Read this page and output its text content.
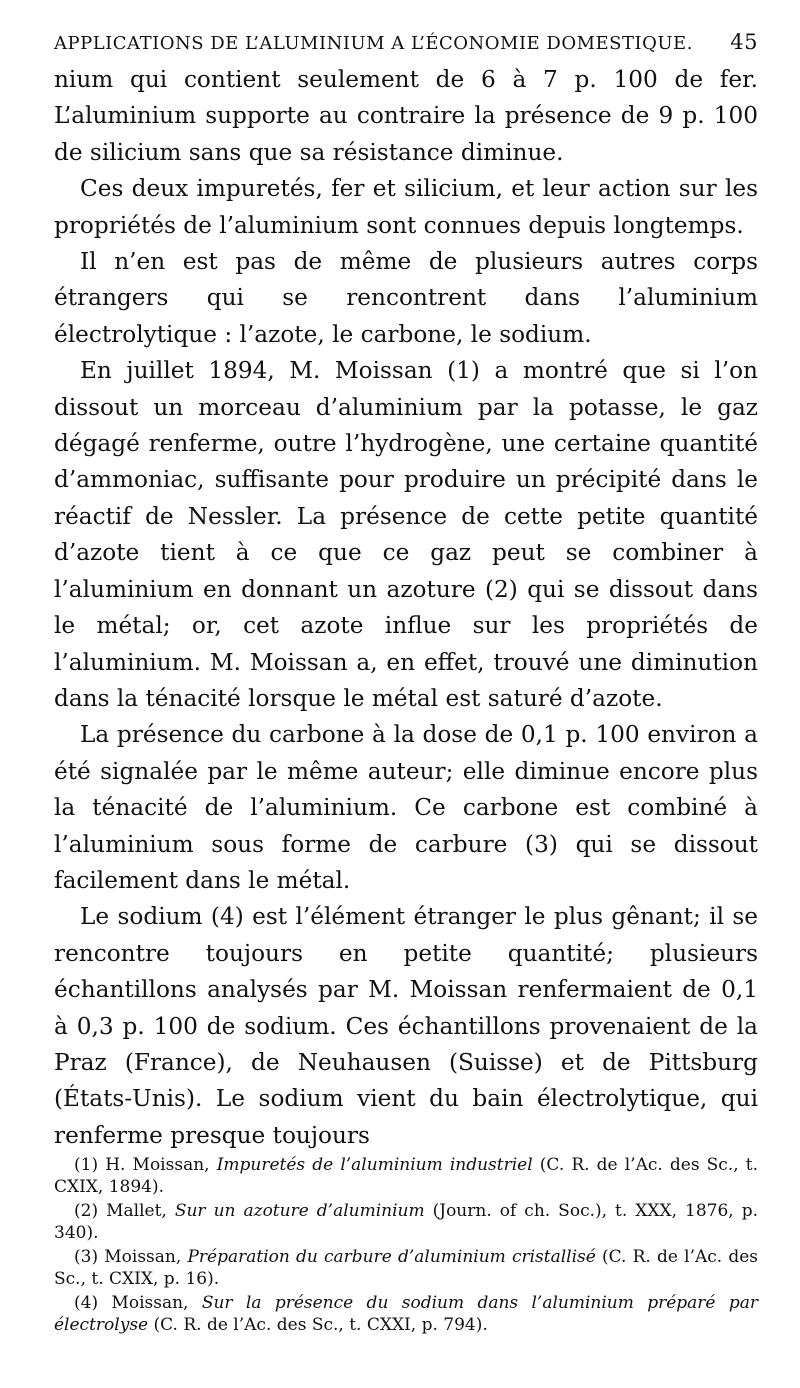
APPLICATIONS DE L’ALUMINIUM A L’ÉCONOMIE DOMESTIQUE. 45

nium qui contient seulement de 6 à 7 p. 100 de fer. L’aluminium supporte au contraire la présence de 9 p. 100 de silicium sans que sa résistance diminue.

Ces deux impuretés, fer et silicium, et leur action sur les propriétés de l’aluminium sont connues depuis longtemps.

Il n’en est pas de même de plusieurs autres corps étrangers qui se rencontrent dans l’aluminium électrolytique : l’azote, le carbone, le sodium.

En juillet 1894, M. Moissan (1) a montré que si l’on dissout un morceau d’aluminium par la potasse, le gaz dégagé renferme, outre l’hydrogène, une certaine quantité d’ammoniac, suffisante pour produire un précipité dans le réactif de Nessler. La présence de cette petite quantité d’azote tient à ce que ce gaz peut se combiner à l’aluminium en donnant un azoture (2) qui se dissout dans le métal; or, cet azote influe sur les propriétés de l’aluminium. M. Moissan a, en effet, trouvé une diminution dans la ténacité lorsque le métal est saturé d’azote.

La présence du carbone à la dose de 0,1 p. 100 environ a été signalée par le même auteur; elle diminue encore plus la ténacité de l’aluminium. Ce carbone est combiné à l’aluminium sous forme de carbure (3) qui se dissout facilement dans le métal.

Le sodium (4) est l’élément étranger le plus gênant; il se rencontre toujours en petite quantité; plusieurs échantillons analysés par M. Moissan renfermaient de 0,1 à 0,3 p. 100 de sodium. Ces échantillons provenaient de la Praz (France), de Neuhausen (Suisse) et de Pittsburg (États-Unis). Le sodium vient du bain électrolytique, qui renferme presque toujours

(1) H. Moissan, Impuretés de l’aluminium industriel (C. R. de l’Ac. des Sc., t. CXIX, 1894).

(2) Mallet, Sur un azoture d’aluminium (Journ. of ch. Soc.), t. XXX, 1876, p. 340).

(3) Moissan, Préparation du carbure d’aluminium cristallisé (C. R. de l’Ac. des Sc., t. CXIX, p. 16).

(4) Moissan, Sur la présence du sodium dans l’aluminium préparé par électrolyse (C. R. de l’Ac. des Sc., t. CXXI, p. 794).
